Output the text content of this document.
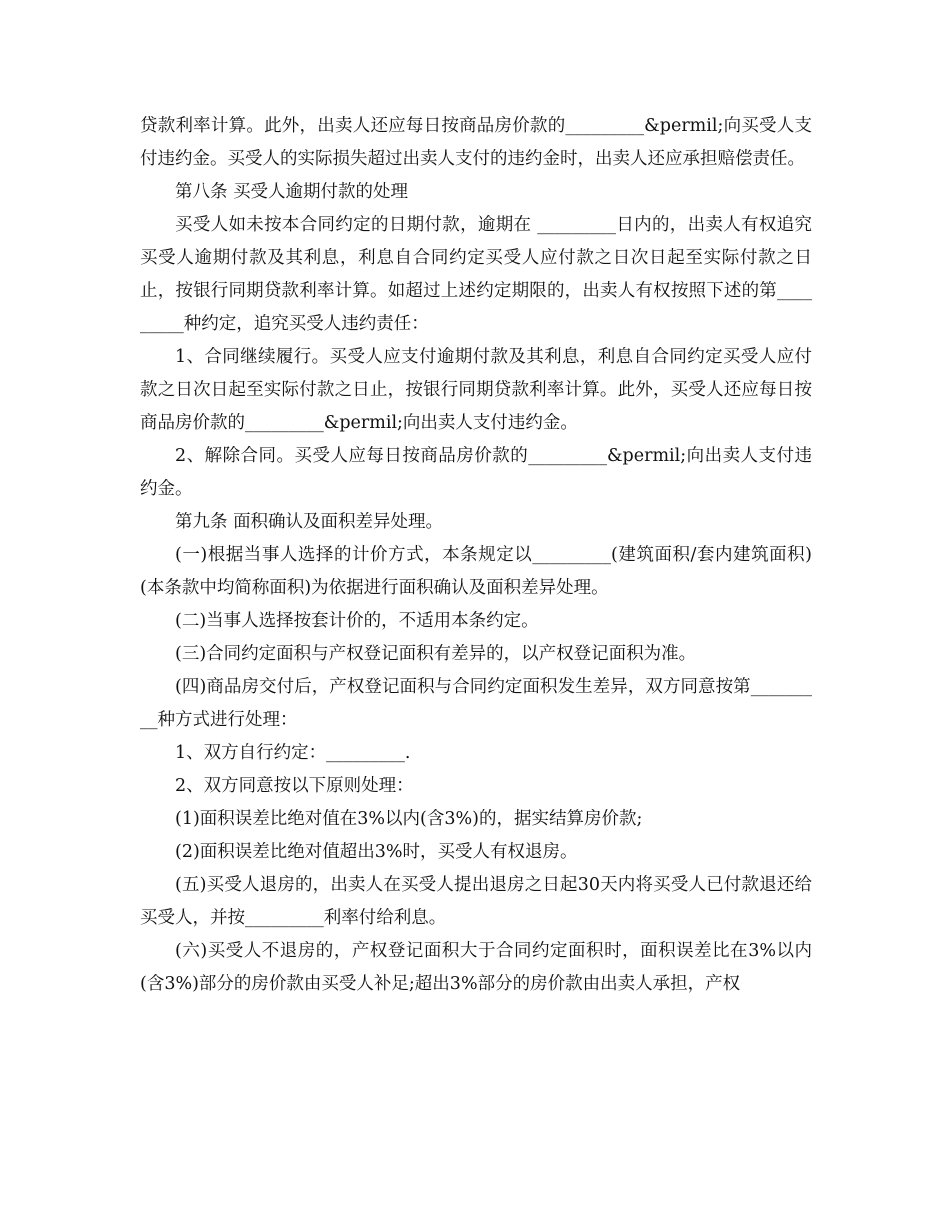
贷款利率计算。此外，出卖人还应每日按商品房价款的_________&permil;向买受人支付违约金。买受人的实际损失超过出卖人支付的违约金时，出卖人还应承担赔偿责任。

第八条 买受人逾期付款的处理

买受人如未按本合同约定的日期付款，逾期在 _________日内的，出卖人有权追究买受人逾期付款及其利息，利息自合同约定买受人应付款之日次日起至实际付款之日止，按银行同期贷款利率计算。如超过上述约定期限的，出卖人有权按照下述的第_________种约定，追究买受人违约责任：

1、合同继续履行。买受人应支付逾期付款及其利息，利息自合同约定买受人应付款之日次日起至实际付款之日止，按银行同期贷款利率计算。此外，买受人还应每日按商品房价款的_________&permil;向出卖人支付违约金。

2、解除合同。买受人应每日按商品房价款的_________&permil;向出卖人支付违约金。

第九条 面积确认及面积差异处理。

(一)根据当事人选择的计价方式，本条规定以_________(建筑面积/套内建筑面积)(本条款中均简称面积)为依据进行面积确认及面积差异处理。

(二)当事人选择按套计价的，不适用本条约定。

(三)合同约定面积与产权登记面积有差异的，以产权登记面积为准。

(四)商品房交付后，产权登记面积与合同约定面积发生差异，双方同意按第_________种方式进行处理：

1、双方自行约定：_________.

2、双方同意按以下原则处理：

(1)面积误差比绝对值在3%以内(含3%)的，据实结算房价款;

(2)面积误差比绝对值超出3%时，买受人有权退房。

(五)买受人退房的，出卖人在买受人提出退房之日起30天内将买受人已付款退还给买受人，并按_________利率付给利息。

(六)买受人不退房的，产权登记面积大于合同约定面积时，面积误差比在3%以内(含3%)部分的房价款由买受人补足;超出3%部分的房价款由出卖人承担，产权
